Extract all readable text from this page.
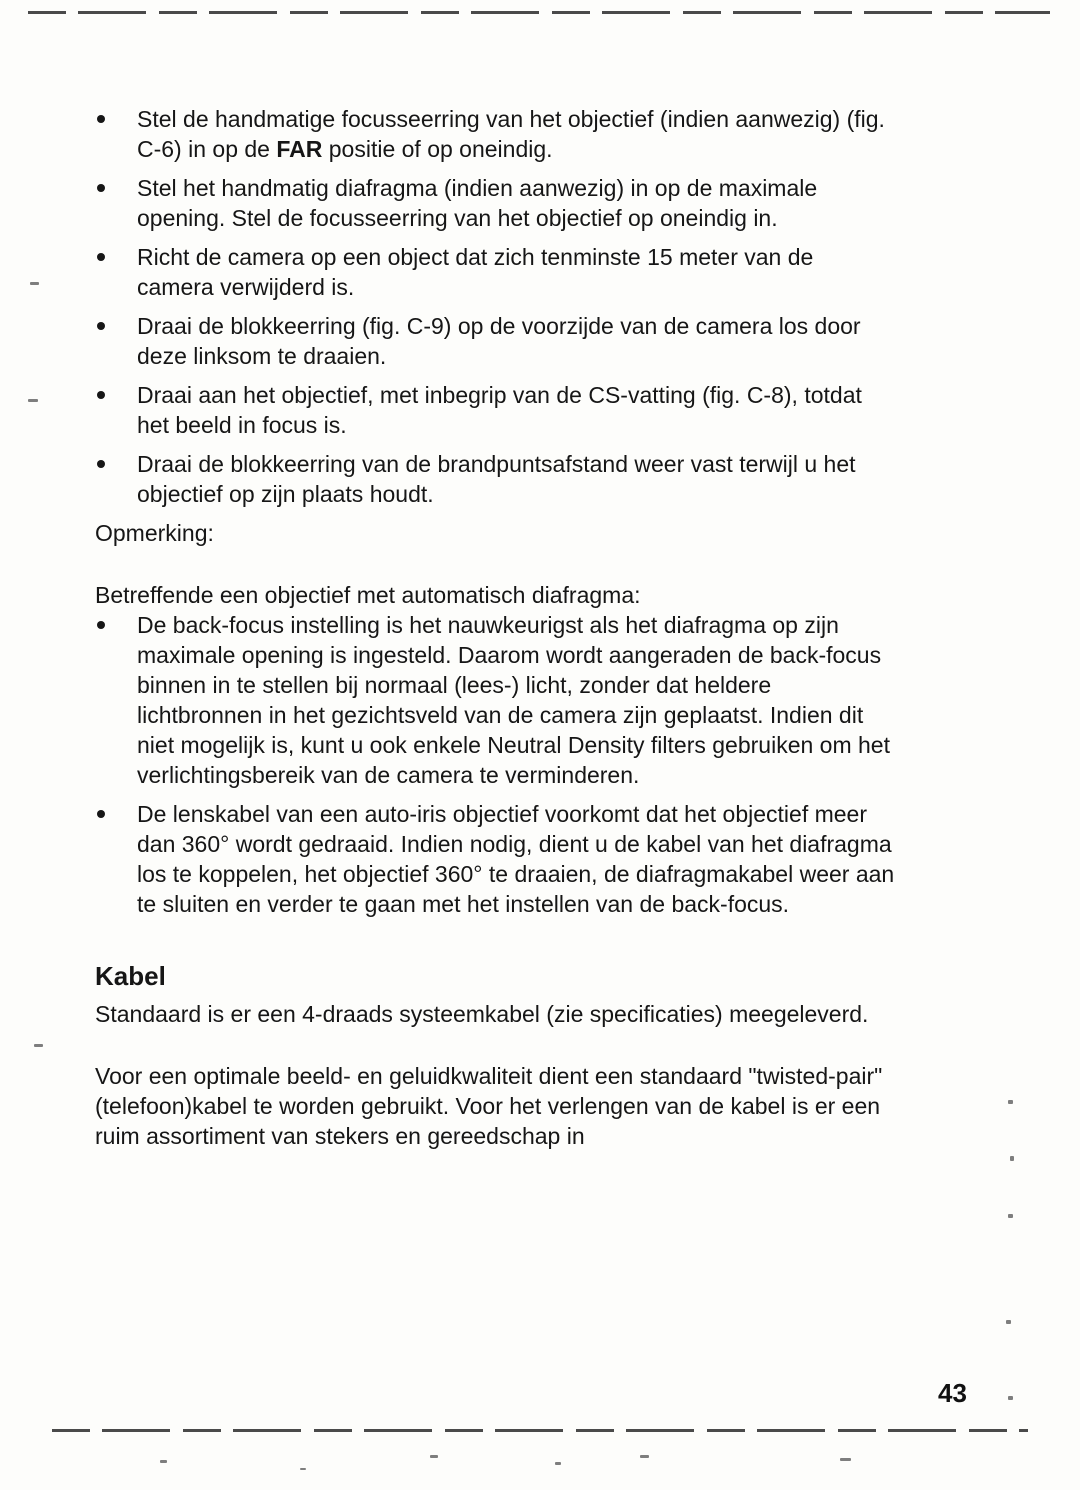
Stel de handmatige focusseerring van het objectief (indien aanwezig) (fig. C-6) in op de FAR positie of op oneindig.
Stel het handmatig diafragma (indien aanwezig) in op de maximale opening. Stel de focusseerring van het objectief op oneindig in.
Richt de camera op een object dat zich tenminste 15 meter van de camera verwijderd is.
Draai de blokkeerring (fig. C-9) op de voorzijde van de camera los door deze linksom te draaien.
Draai aan het objectief, met inbegrip van de CS-vatting (fig. C-8), totdat het beeld in focus is.
Draai de blokkeerring van de brandpuntsafstand weer vast terwijl u het objectief op zijn plaats houdt.

Opmerking:

Betreffende een objectief met automatisch diafragma:

De back-focus instelling is het nauwkeurigst als het diafragma op zijn maximale opening is ingesteld. Daarom wordt aangeraden de back-focus binnen in te stellen bij normaal (lees-) licht, zonder dat heldere lichtbronnen in het gezichtsveld van de camera zijn geplaatst. Indien dit niet mogelijk is, kunt u ook enkele Neutral Density filters gebruiken om het verlichtingsbereik van de camera te verminderen.
De lenskabel van een auto-iris objectief voorkomt dat het objectief meer dan 360° wordt gedraaid. Indien nodig, dient u de kabel van het diafragma los te koppelen, het objectief 360° te draaien, de diafragmakabel weer aan te sluiten en verder te gaan met het instellen van de back-focus.
Kabel

Standaard is er een 4-draads systeemkabel (zie specificaties) meegeleverd.

Voor een optimale beeld- en geluidkwaliteit dient een standaard "twisted-pair" (telefoon)kabel te worden gebruikt. Voor het verlengen van de kabel is er een ruim assortiment van stekers en gereedschap in

43
